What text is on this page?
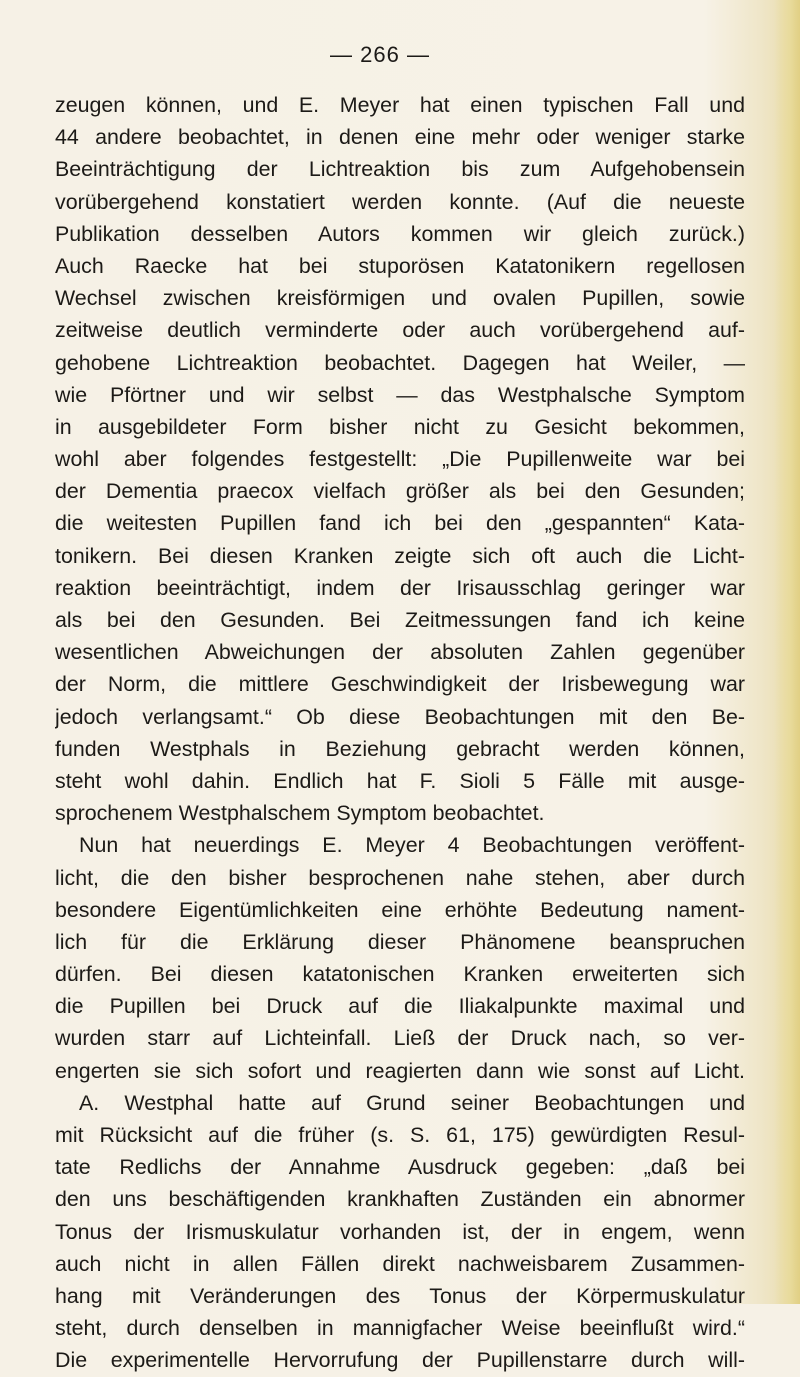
— 266 —
zeugen können, und E. Meyer hat einen typischen Fall und
44 andere beobachtet, in denen eine mehr oder weniger starke
Beeinträchtigung der Lichtreaktion bis zum Aufgehobensein
vorübergehend konstatiert werden konnte. (Auf die neueste
Publikation desselben Autors kommen wir gleich zurück.)
Auch Raecke hat bei stuporösen Katatonikern regellosen
Wechsel zwischen kreisförmigen und ovalen Pupillen, sowie
zeitweise deutlich verminderte oder auch vorübergehend auf-
gehobene Lichtreaktion beobachtet. Dagegen hat Weiler, —
wie Pförtner und wir selbst — das Westphalsche Symptom
in ausgebildeter Form bisher nicht zu Gesicht bekommen,
wohl aber folgendes festgestellt: „Die Pupillenweite war bei
der Dementia praecox vielfach größer als bei den Gesunden;
die weitesten Pupillen fand ich bei den „gespannten“ Kata-
tonikern. Bei diesen Kranken zeigte sich oft auch die Licht-
reaktion beeinträchtigt, indem der Irisausschlag geringer war
als bei den Gesunden. Bei Zeitmessungen fand ich keine
wesentlichen Abweichungen der absoluten Zahlen gegenüber
der Norm, die mittlere Geschwindigkeit der Irisbewegung war
jedoch verlangsamt.“ Ob diese Beobachtungen mit den Be-
funden Westphals in Beziehung gebracht werden können,
steht wohl dahin. Endlich hat F. Sioli 5 Fälle mit ausge-
sprochenem Westphalschem Symptom beobachtet.
Nun hat neuerdings E. Meyer 4 Beobachtungen veröffent-
licht, die den bisher besprochenen nahe stehen, aber durch
besondere Eigentümlichkeiten eine erhöhte Bedeutung nament-
lich für die Erklärung dieser Phänomene beanspruchen
dürfen. Bei diesen katatonischen Kranken erweiterten sich
die Pupillen bei Druck auf die Iliakalpunkte maximal und
wurden starr auf Lichteinfall. Ließ der Druck nach, so ver-
engerten sie sich sofort und reagierten dann wie sonst auf Licht.
A. Westphal hatte auf Grund seiner Beobachtungen und
mit Rücksicht auf die früher (s. S. 61, 175) gewürdigten Resul-
tate Redlichs der Annahme Ausdruck gegeben: „daß bei
den uns beschäftigenden krankhaften Zuständen ein abnormer
Tonus der Irismuskulatur vorhanden ist, der in engem, wenn
auch nicht in allen Fällen direkt nachweisbarem Zusammen-
hang mit Veränderungen des Tonus der Körpermuskulatur
steht, durch denselben in mannigfacher Weise beeinflußt wird.“
Die experimentelle Hervorrufung der Pupillenstarre durch will-
